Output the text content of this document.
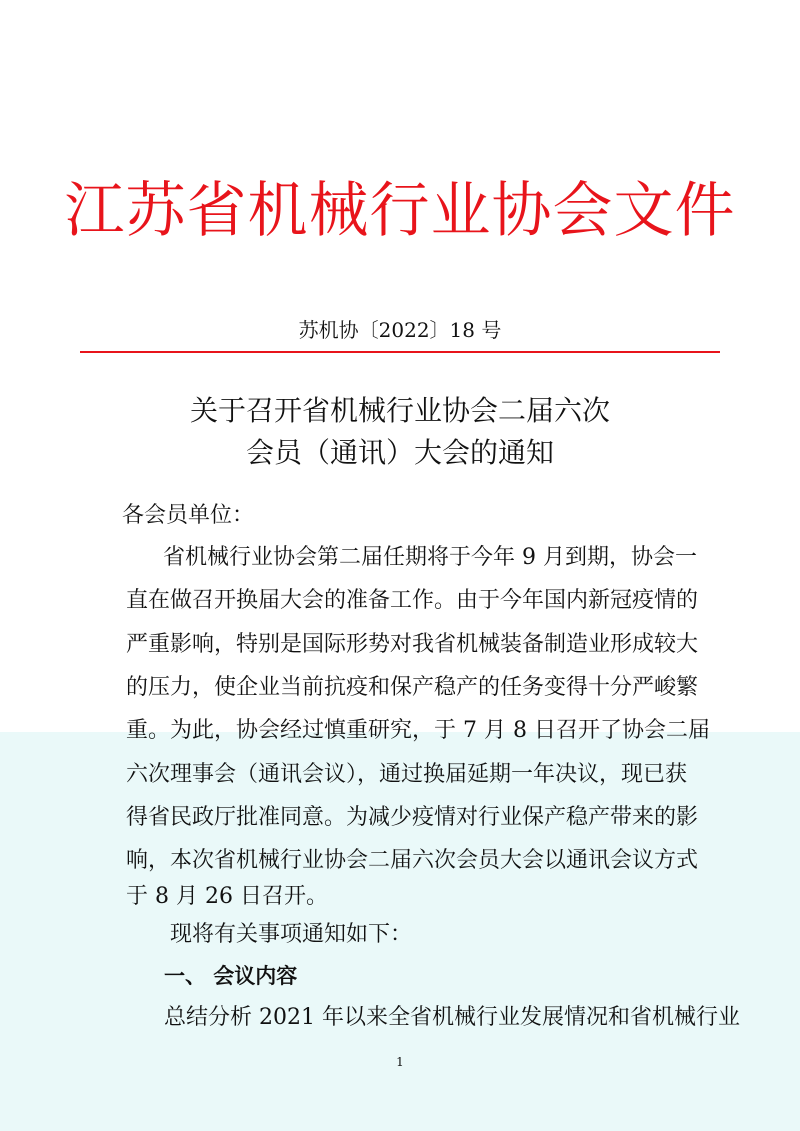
江苏省机械行业协会文件
苏机协〔2022〕18 号
关于召开省机械行业协会二届六次
会员（通讯）大会的通知
各会员单位：
省机械行业协会第二届任期将于今年 9 月到期，协会一
直在做召开换届大会的准备工作。由于今年国内新冠疫情的
严重影响，特别是国际形势对我省机械装备制造业形成较大
的压力，使企业当前抗疫和保产稳产的任务变得十分严峻繁
重。为此，协会经过慎重研究，于 7 月 8 日召开了协会二届
六次理事会（通讯会议），通过换届延期一年决议，现已获
得省民政厅批准同意。为减少疫情对行业保产稳产带来的影
响，本次省机械行业协会二届六次会员大会以通讯会议方式
于 8 月 26 日召开。
现将有关事项通知如下：
一、 会议内容
总结分析 2021 年以来全省机械行业发展情况和省机械行业
1
